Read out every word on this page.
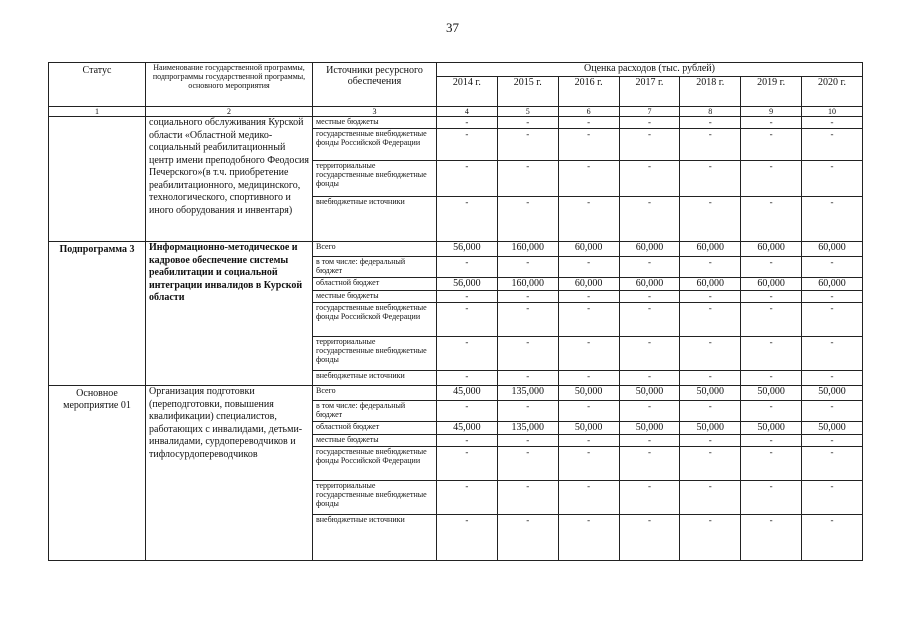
37
Статус	Наименование государственной программы, подпрограммы государственной программы, основного мероприятия	Источники ресурсного обеспечения	Оценка расходов (тыс. рублей)						
			2014 г.	2015 г.	2016 г.	2017 г.	2018 г.	2019 г.	2020 г.
1	2	3	4	5	6	7	8	9	10
	социального обслуживания Курской области «Областной медико-социальный реабилитационный центр имени преподобного Феодосия Печерского»(в т.ч. приобретение реабилитационного, медицинского, технологического, спортивного и иного оборудования и инвентаря)	местные бюджеты	-	-	-	-	-	-	-
		государственные внебюджетные фонды Российской Федерации	-	-	-	-	-	-	-
		территориальные государственные внебюджетные фонды	-	-	-	-	-	-	-
		внебюджетные источники	-	-	-	-	-	-	-
Подпрограмма 3	Информационно-методическое и кадровое обеспечение системы реабилитации и социальной интеграции инвалидов в Курской области	Всего	56,000	160,000	60,000	60,000	60,000	60,000	60,000
		в том числе: федеральный бюджет	-	-	-	-	-	-	-
		областной бюджет	56,000	160,000	60,000	60,000	60,000	60,000	60,000
		местные бюджеты	-	-	-	-	-	-	-
		государственные внебюджетные фонды Российской Федерации	-	-	-	-	-	-	-
		территориальные государственные внебюджетные фонды	-	-	-	-	-	-	-
		внебюджетные источники	-	-	-	-	-	-	-
Основное мероприятие 01	Организация подготовки (переподготовки, повышения квалификации) специалистов, работающих с инвалидами, детьми-инвалидами, сурдопереводчиков и тифлосурдопереводчиков	Всего	45,000	135,000	50,000	50,000	50,000	50,000	50,000
		в том числе: федеральный бюджет	-	-	-	-	-	-	-
		областной бюджет	45,000	135,000	50,000	50,000	50,000	50,000	50,000
		местные бюджеты	-	-	-	-	-	-	-
		государственные внебюджетные фонды Российской Федерации	-	-	-	-	-	-	-
		территориальные государственные внебюджетные фонды	-	-	-	-	-	-	-
		внебюджетные источники	-	-	-	-	-	-	-
